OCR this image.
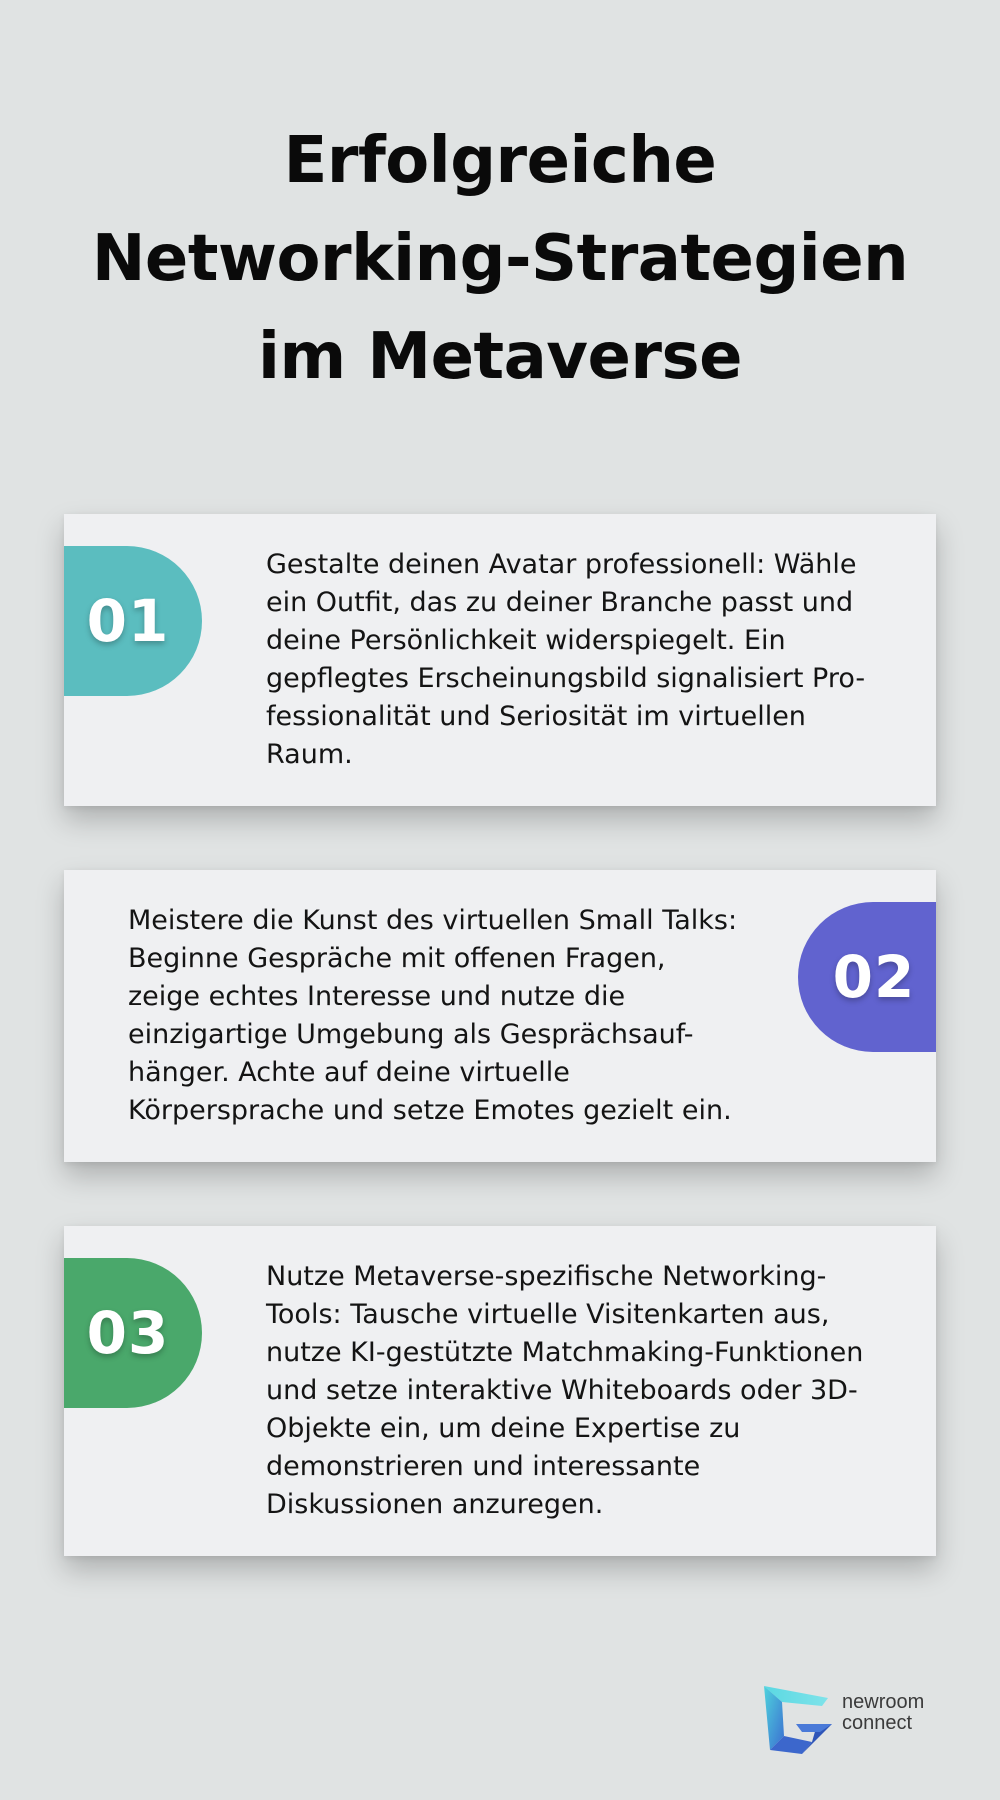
Erfolgreiche
Networking-Strategien
im Metaverse
01

Gestalte deinen Avatar professionell: Wähle
ein Outfit, das zu deiner Branche passt und
deine Persönlichkeit widerspiegelt. Ein
gepflegtes Erscheinungsbild signalisiert Pro-
fessionalität und Seriosität im virtuellen
Raum.

Meistere die Kunst des virtuellen Small Talks:
Beginne Gespräche mit offenen Fragen,
zeige echtes Interesse und nutze die
einzigartige Umgebung als Gesprächsauf-
hänger. Achte auf deine virtuelle
Körpersprache und setze Emotes gezielt ein.

02
03

Nutze Metaverse-spezifische Networking-
Tools: Tausche virtuelle Visitenkarten aus,
nutze KI-gestützte Matchmaking-Funktionen
und setze interaktive Whiteboards oder 3D-
Objekte ein, um deine Expertise zu
demonstrieren und interessante
Diskussionen anzuregen.

newroom
connect
